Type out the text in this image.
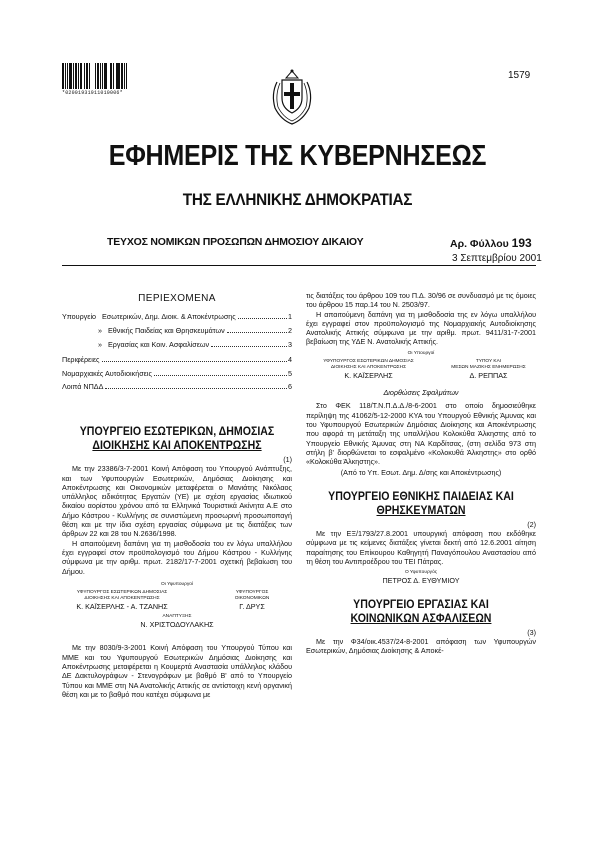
*02001931911010006*
1579
ΕΦΗΜΕΡΙΣ ΤΗΣ ΚΥΒΕΡΝΗΣΕΩΣ
ΤΗΣ ΕΛΛΗΝΙΚΗΣ ΔΗΜΟΚΡΑΤΙΑΣ
ΤΕΥΧΟΣ ΝΟΜΙΚΩΝ ΠΡΟΣΩΠΩΝ ΔΗΜΟΣΙΟΥ ΔΙΚΑΙΟΥ	Αρ. Φύλλου 193
3 Σεπτεμβρίου 2001
ΠΕΡΙΕΧΟΜΕΝΑ
Υπουργείο Εσωτερικών, Δημ. Διοικ. & Αποκέντρωσης	1
» Εθνικής Παιδείας και Θρησκευμάτων	2
» Εργασίας και Κοιν. Ασφαλίσεων	3
Περιφέρειες	4
Νομαρχιακές Αυτοδιοικήσεις	5
Λοιπά ΝΠΔΔ	6
ΥΠΟΥΡΓΕΙΟ ΕΣΩΤΕΡΙΚΩΝ, ΔΗΜΟΣΙΑΣ
ΔΙΟΙΚΗΣΗΣ ΚΑΙ ΑΠΟΚΕΝΤΡΩΣΗΣ
(1)

Με την 23386/3-7-2001 Κοινή Απόφαση του Υπουργού Ανάπτυξης, και των Υφυπουργών Εσωτερικών, Δημόσιας Διοίκησης και Αποκέντρωσης και Οικονομικών μεταφέρεται ο Μανιάτης Νικόλαος υπάλληλος ειδικότητας Εργατών (ΥΕ) με σχέση εργασίας ιδιωτικού δικαίου αορίστου χρόνου από τα Ελληνικά Τουριστικά Ακίνητα Α.Ε στο Δήμο Κάστρου - Κυλλήνης σε συνιστώμενη προσωρινή προσωποπαγή θέση και με την ίδια σχέση εργασίας σύμφωνα με τις διατάξεις των άρθρων 22 και 28 του Ν.2636/1998.

Η απαιτούμενη δαπάνη για τη μισθοδοσία του εν λόγω υπαλλήλου έχει εγγραφεί στον προϋπολογισμό του Δήμου Κάστρου - Κυλλήνης σύμφωνα με την αριθμ. πρωτ. 2182/17-7-2001 σχετική βεβαίωση του Δήμου.

Οι Υφυπουργοί
ΥΦΥΠΟΥΡΓΟΣ ΕΣΩΤΕΡΙΚΩΝ ΔΗΜΟΣΙΑΣ
ΔΙΟΙΚΗΣΗΣ ΚΑΙ ΑΠΟΚΕΝΤΡΩΣΗΣ
Κ. ΚΑΪΣΕΡΛΗΣ - Α. ΤΖΑΝΗΣ
ΥΦΥΠΟΥΡΓΟΣ
ΟΙΚΟΝΟΜΙΚΩΝ
Γ. ΔΡΥΣ
ΑΝΑΠΤΥΞΗΣ
Ν. ΧΡΙΣΤΟΔΟΥΛΑΚΗΣ

Με την 8030/9-3-2001 Κοινή Απόφαση του Υπουργού Τύπου και ΜΜΕ και του Υφυπουργού Εσωτερικών Δημόσιας Διοίκησης και Αποκέντρωσης μεταφέρεται η Κουμερτά Αναστασία υπάλληλος κλάδου ΔΕ Δακτυλογράφων - Στενογράφων με βαθμό Β' από το Υπουργείο Τύπου και ΜΜΕ στη ΝΑ Ανατολικής Αττικής σε αντίστοιχη κενή οργανική θέση και με το βαθμό που κατέχει σύμφωνα με

τις διατάξεις του άρθρου 109 του Π.Δ. 30/96 σε συνδυασμό με τις όμοιες του άρθρου 15 παρ.14 του Ν. 2503/97.

Η απαιτούμενη δαπάνη για τη μισθοδοσία της εν λόγω υπαλλήλου έχει εγγραφεί στον προϋπολογισμό της Νομαρχιακής Αυτοδιοίκησης Ανατολικής Αττικής σύμφωνα με την αριθμ. πρωτ. 9411/31-7-2001 βεβαίωση της ΥΔΕ Ν. Ανατολικής Αττικής.

Οι Υπουργοί
ΥΦΥΠΟΥΡΓΟΣ ΕΣΩΤΕΡΙΚΩΝ ΔΗΜΟΣΙΑΣ
ΔΙΟΙΚΗΣΗΣ ΚΑΙ ΑΠΟΚΕΝΤΡΩΣΗΣ
Κ. ΚΑΪΣΕΡΛΗΣ
ΤΥΠΟΥ ΚΑΙ
ΜΕΣΩΝ ΜΑΖΙΚΗΣ ΕΝΗΜΕΡΩΣΗΣ
Δ. ΡΕΠΠΑΣ
Διορθώσεις Σφαλμάτων

Στο ΦΕΚ 118/Τ.Ν.Π.Δ.Δ./8-6-2001 στο οποίο δημοσιεύθηκε περίληψη της 41062/5-12-2000 ΚΥΑ του Υπουργού Εθνικής Άμυνας και του Υφυπουργού Εσωτερικών Δημόσιας Διοίκησης και Αποκέντρωσης που αφορά τη μετάταξη της υπαλλήλου Κολοκύθα Άλκηστης από το Υπουργείο Εθνικής Άμυνας στη ΝΑ Καρδίτσας, (στη σελίδα 973 στη στήλη β' διορθώνεται το εσφαλμένο «Κολοκυθά Άλκηστης» στο ορθό «Κολοκύθα Άλκηστης».

(Από το Υπ. Εσωτ. Δημ. Δ/σης και Αποκέντρωσης)
ΥΠΟΥΡΓΕΙΟ ΕΘΝΙΚΗΣ ΠΑΙΔΕΙΑΣ ΚΑΙ
ΘΡΗΣΚΕΥΜΑΤΩΝ
(2)

Με την ΕΞ/1793/27.8.2001 υπουργική απόφαση που εκδόθηκε σύμφωνα με τις κείμενες διατάξεις γίνεται δεκτή από 12.6.2001 αίτηση παραίτησης του Επίκουρου Καθηγητή Παναγόπουλου Αναστασίου από τη θέση του Αντιπροέδρου του ΤΕΙ Πάτρας.

Ο Υφυπουργός
ΠΕΤΡΟΣ Δ. ΕΥΘΥΜΙΟΥ
ΥΠΟΥΡΓΕΙΟ ΕΡΓΑΣΙΑΣ ΚΑΙ
ΚΟΙΝΩΝΙΚΩΝ ΑΣΦΑΛΙΣΕΩΝ
(3)

Με την Φ34/οικ.4537/24-8-2001 απόφαση των Υφυπουργών Εσωτερικών, Δημόσιας Διοίκησης & Αποκέ-
